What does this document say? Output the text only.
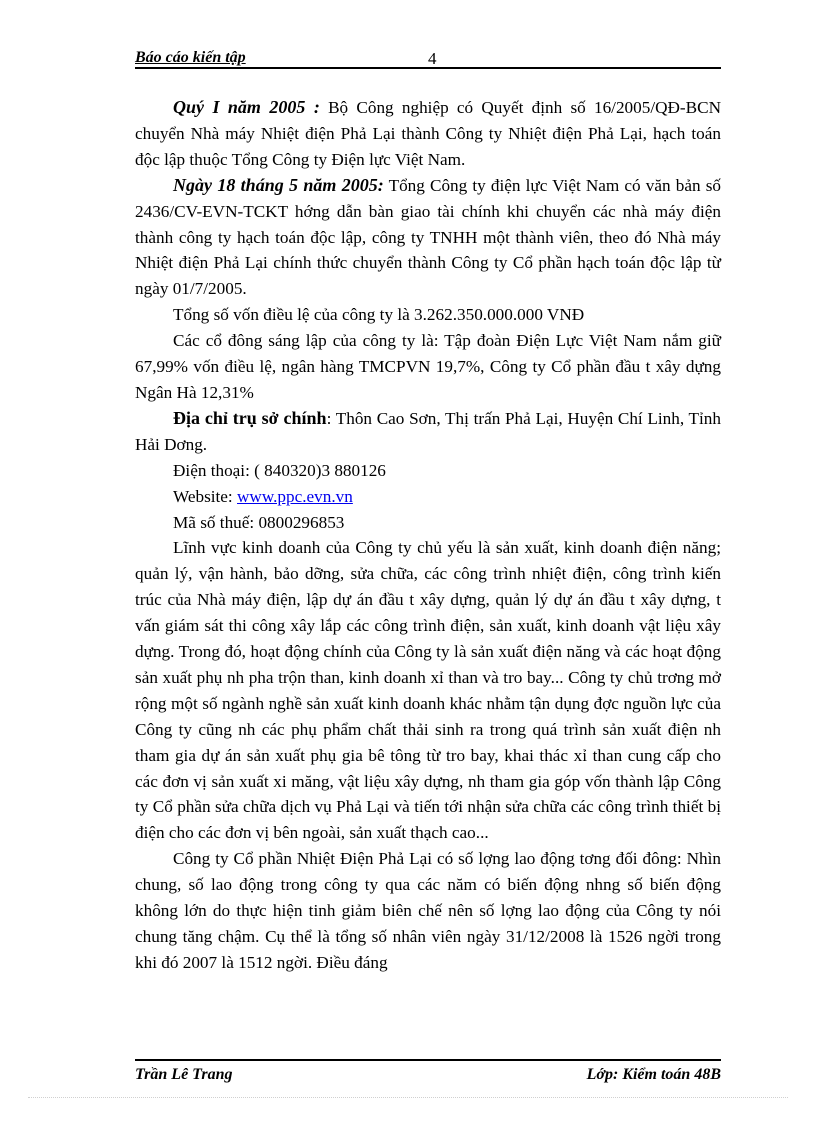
Báo cáo kiến tập	4

Quý I năm 2005 : Bộ Công nghiệp có Quyết định số 16/2005/QĐ-BCN chuyển Nhà máy Nhiệt điện Phả Lại thành Công ty Nhiệt điện Phả Lại, hạch toán độc lập thuộc Tổng Công ty Điện lực Việt Nam.

Ngày 18 tháng 5 năm 2005: Tổng Công ty điện lực Việt Nam có văn bản số 2436/CV-EVN-TCKT hớng dẫn bàn giao tài chính khi chuyển các nhà máy điện thành công ty hạch toán độc lập, công ty TNHH một thành viên, theo đó Nhà máy Nhiệt điện Phả Lại chính thức chuyển thành Công ty Cổ phần hạch toán độc lập từ ngày 01/7/2005.

Tổng số vốn điều lệ của công ty là 3.262.350.000.000 VNĐ

Các cổ đông sáng lập của công ty là: Tập đoàn Điện Lực Việt Nam nắm giữ 67,99% vốn điều lệ, ngân hàng TMCPVN 19,7%, Công ty Cổ phần đầu t xây dựng Ngân Hà 12,31%

Địa chỉ trụ sở chính: Thôn Cao Sơn, Thị trấn Phả Lại, Huyện Chí Linh, Tỉnh Hải Dơng.

Điện thoại: ( 840320)3 880126

Website: www.ppc.evn.vn

Mã số thuế: 0800296853

Lĩnh vực kinh doanh của Công ty chủ yếu là sản xuất, kinh doanh điện năng; quản lý, vận hành, bảo dỡng, sửa chữa, các công trình nhiệt điện, công trình kiến trúc của Nhà máy điện, lập dự án đầu t xây dựng, quản lý dự án đầu t xây dựng, t vấn giám sát thi công xây lắp các công trình điện, sản xuất, kinh doanh vật liệu xây dựng. Trong đó, hoạt động chính của Công ty là sản xuất điện năng và các hoạt động sản xuất phụ nh pha trộn than, kinh doanh xỉ than và tro bay... Công ty chủ trơng mở rộng một số ngành nghề sản xuất kinh doanh khác nhằm tận dụng đợc nguồn lực của Công ty cũng nh các phụ phẩm chất thải sinh ra trong quá trình sản xuất điện nh tham gia dự án sản xuất phụ gia bê tông từ tro bay, khai thác xỉ than cung cấp cho các đơn vị sản xuất xi măng, vật liệu xây dựng, nh tham gia góp vốn thành lập Công ty Cổ phần sửa chữa dịch vụ Phả Lại và tiến tới nhận sửa chữa các công trình thiết bị điện cho các đơn vị bên ngoài, sản xuất thạch cao...

Công ty Cổ phần Nhiệt Điện Phả Lại có số lợng lao động tơng đối đông: Nhìn chung, số lao động trong công ty qua các năm có biến động nhng số biến động không lớn do thực hiện tinh giảm biên chế nên số lợng lao động của Công ty nói chung tăng chậm. Cụ thể là tổng số nhân viên ngày 31/12/2008 là 1526 ngời trong khi đó 2007 là 1512 ngời. Điều đáng

Trần Lê Trang	Lớp: Kiểm toán 48B
